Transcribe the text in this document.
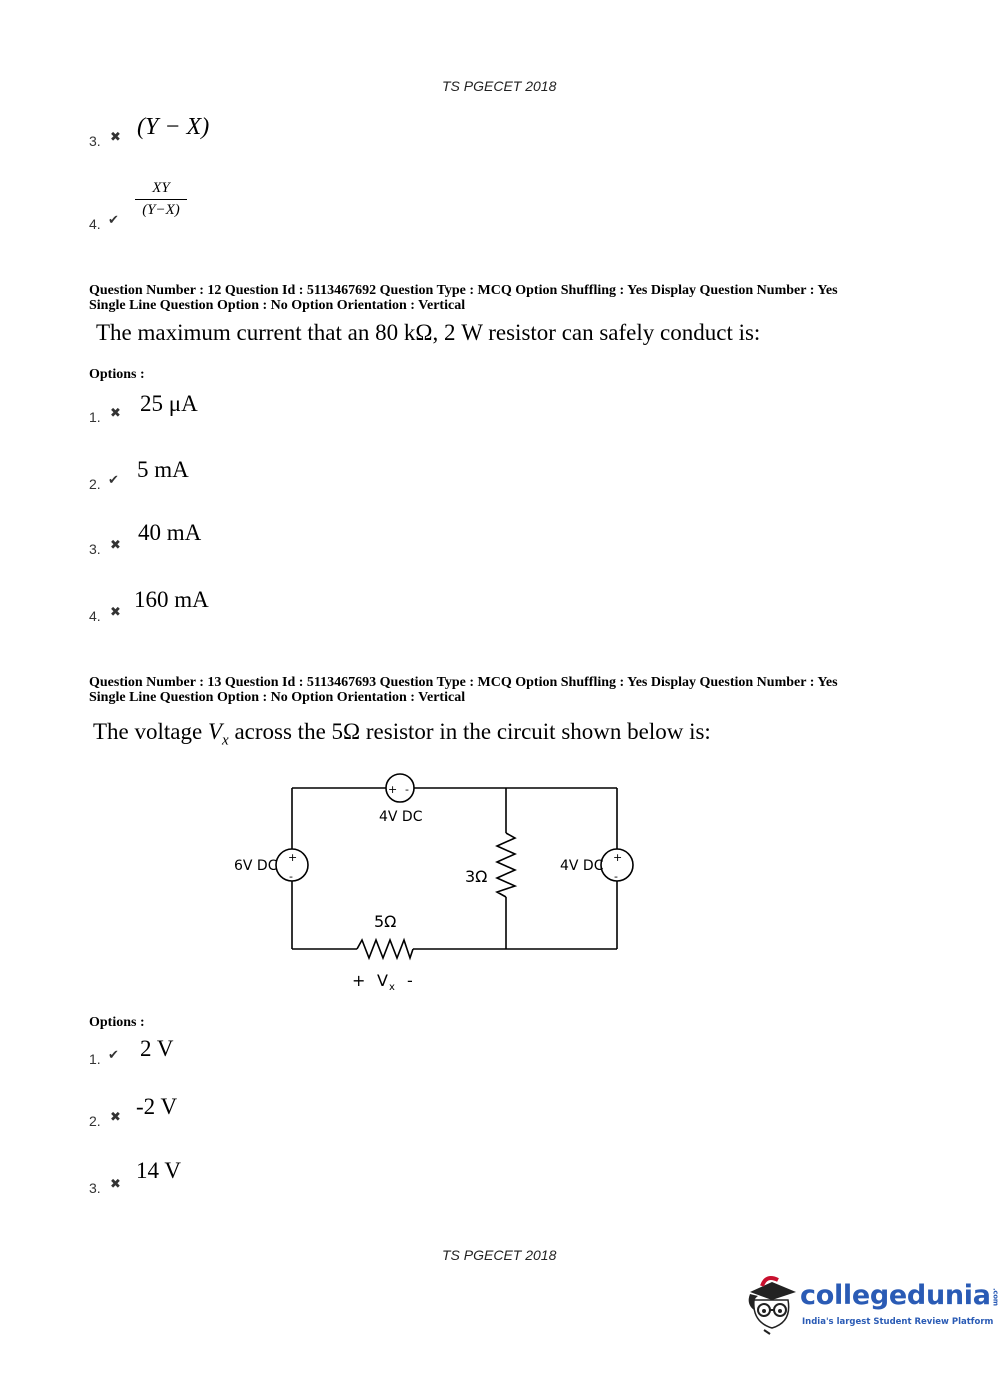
TS PGECET 2018
3. ✖ (Y − X)
4. ✔
$\frac{XY}{(Y-X)}$
Question Number : 12 Question Id : 5113467692 Question Type : MCQ Option Shuffling : Yes Display Question Number : Yes
Single Line Question Option : No Option Orientation : Vertical
The maximum current that an 80 kΩ, 2 W resistor can safely conduct is:
Options :
1. ✖ 25 μA
2. ✔ 5 mA
3. ✖
40 mA
4. ✖
160 mA
Question Number : 13 Question Id : 5113467693 Question Type : MCQ Option Shuffling : Yes Display Question Number : Yes
Single Line Question Option : No Option Orientation : Vertical
The voltage $V_x$ across the 5Ω resistor in the circuit shown below is:
+ -
+
-
+
-
4V DC
6V DC	4V DC
3Ω
5Ω
+ V x -
Options :
1. ✔ 2 V
2. ✖ -2 V
3. ✖
14 V
TS PGECET 2018
collegedunia.com
India's largest Student Review Platform
